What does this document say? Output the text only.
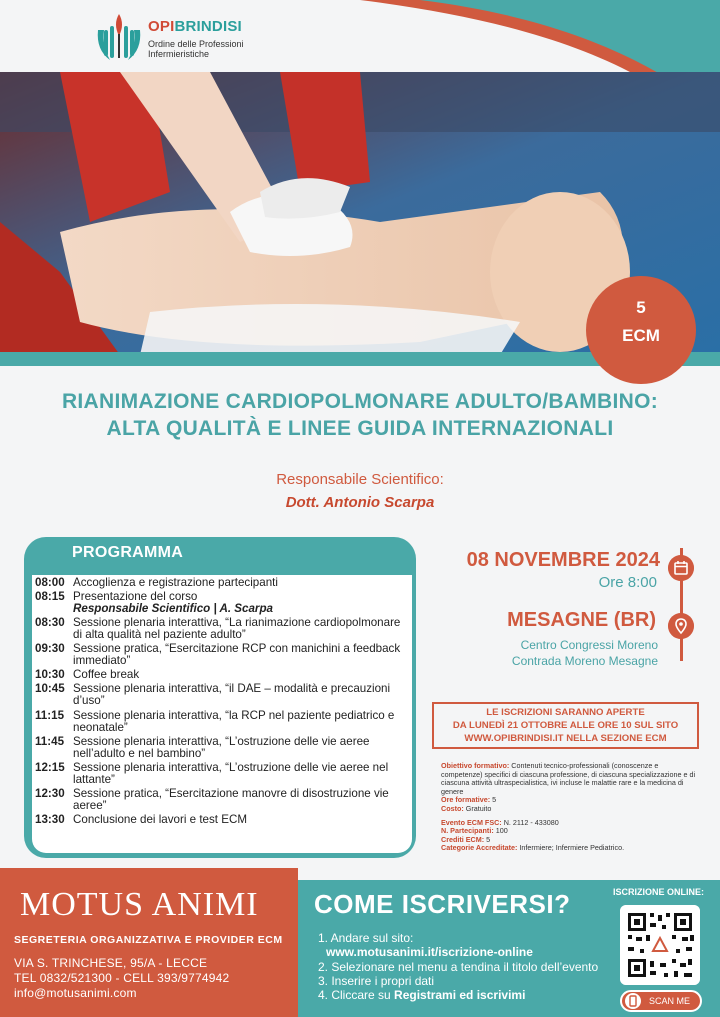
OPIBRINDISI
Ordine delle Professioni
Infermieristiche
5
ECM
RIANIMAZIONE CARDIOPOLMONARE ADULTO/BAMBINO:
ALTA QUALITÀ E LINEE GUIDA INTERNAZIONALI
Responsabile Scientifico:
Dott. Antonio Scarpa
PROGRAMMA
08:00 Accoglienza e registrazione partecipanti
08:15 Presentazione del corso
Responsabile Scientifico | A. Scarpa
08:30 Sessione plenaria interattiva, “La rianimazione cardiopolmonare di alta qualità nel paziente adulto”
09:30 Sessione pratica, “Esercitazione RCP con manichini a feedback immediato”
10:30 Coffee break
10:45 Sessione plenaria interattiva, “il DAE – modalità e precauzioni d’uso”
11:15 Sessione plenaria interattiva, “la RCP nel paziente pediatrico e neonatale”
11:45 Sessione plenaria interattiva, “L’ostruzione delle vie aeree nell’adulto e nel bambino”
12:15 Sessione plenaria interattiva, “L’ostruzione delle vie aeree nel lattante”
12:30 Sessione pratica, “Esercitazione manovre di disostruzione vie aeree”
13:30 Conclusione dei lavori e test ECM
08 NOVEMBRE 2024
Ore 8:00
MESAGNE (BR)
Centro Congressi Moreno
Contrada Moreno Mesagne
LE ISCRIZIONI SARANNO APERTE
DA LUNEDÌ 21 OTTOBRE ALLE ORE 10 SUL SITO
WWW.OPIBRINDISI.IT NELLA SEZIONE ECM
Obiettivo formativo: Contenuti tecnico-professionali (conoscenze e competenze) specifici di ciascuna professione, di ciascuna specializzazione e di ciascuna attività ultraspecialistica, ivi incluse le malattie rare e la medicina di genere
Ore formative: 5
Costo: Gratuito
Evento ECM FSC: N. 2112 - 433080
N. Partecipanti: 100
Crediti ECM: 5
Categorie Accreditate: Infermiere; Infermiere Pediatrico.
MOTUS ANIMI
SEGRETERIA ORGANIZZATIVA E PROVIDER ECM
VIA S. TRINCHESE, 95/A - LECCE
TEL 0832/521300 - CELL 393/9774942
info@motusanimi.com
COME ISCRIVERSI?
1. Andare sul sito:
www.motusanimi.it/iscrizione-online
2. Selezionare nel menu a tendina il titolo dell’evento
3. Inserire i propri dati
4. Cliccare su Registrami ed iscrivimi
ISCRIZIONE ONLINE:
SCAN ME
